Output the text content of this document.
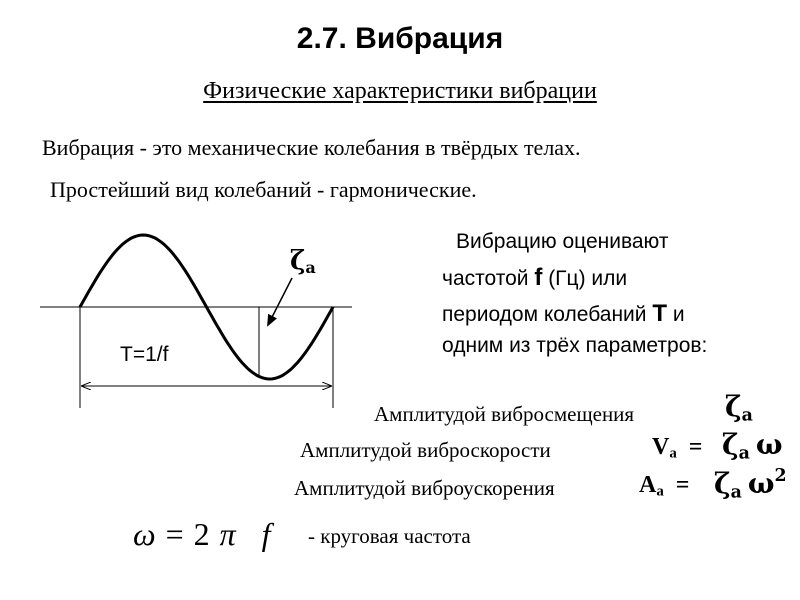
2.7. Вибрация
Физические характеристики вибрации
Вибрация - это механические колебания в твёрдых телах.
Простейший вид колебаний - гармонические.
$\zeta_a$
T=1/f
Вибрацию оценивают
частотой f (Гц) или
периодом колебаний T и
одним из трёх параметров:
Амплитудой вибросмещения	$\zeta_a$
Амплитудой виброскорости	$V_a = \zeta_a$ ω
Амплитудой виброускорения	$A_a = \zeta_a$ $\omega^2$
ω = 2 π f - круговая частота
